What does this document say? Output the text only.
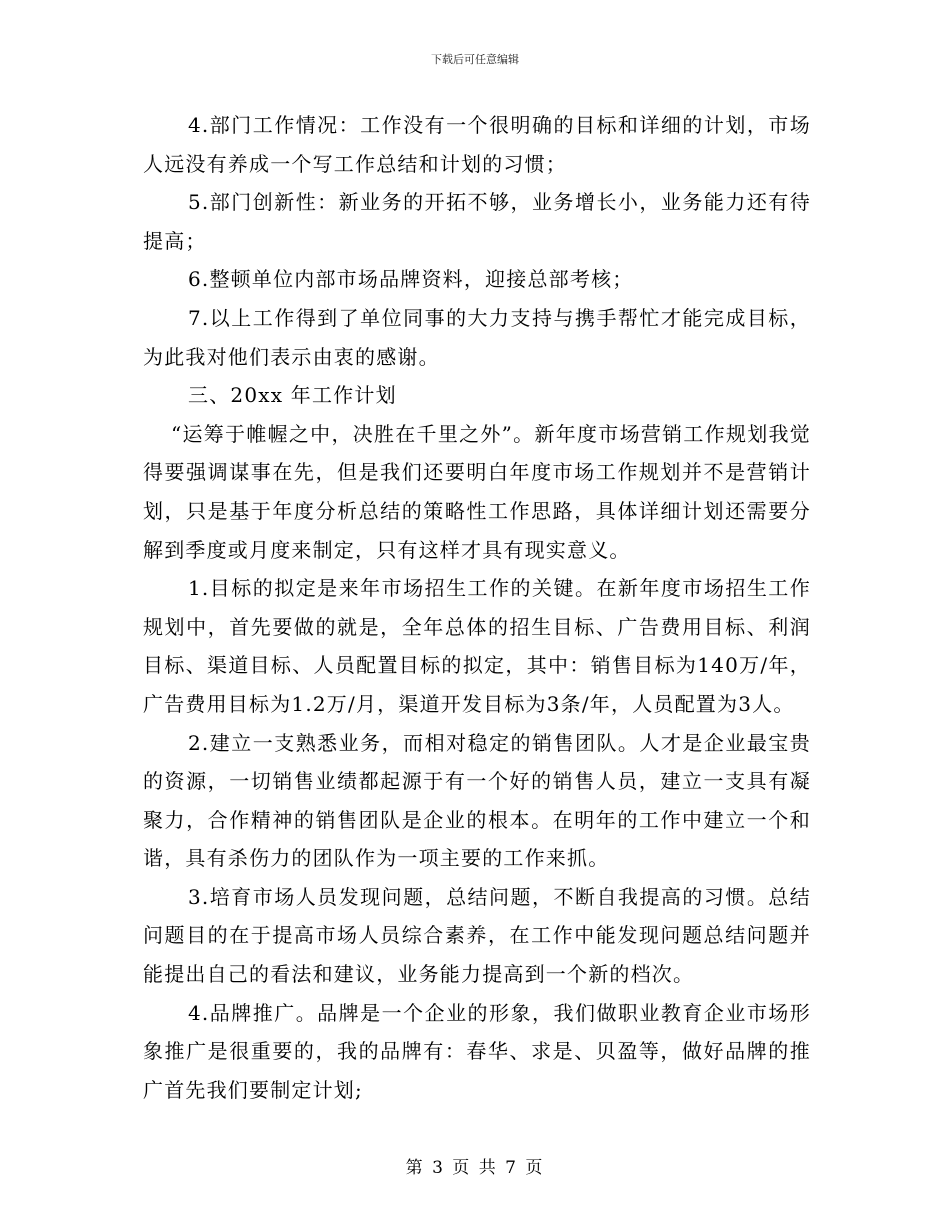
下载后可任意编辑

4.部门工作情况：工作没有一个很明确的目标和详细的计划，市场人远没有养成一个写工作总结和计划的习惯；

5.部门创新性：新业务的开拓不够，业务增长小，业务能力还有待提高；

6.整顿单位内部市场品牌资料，迎接总部考核；

7.以上工作得到了单位同事的大力支持与携手帮忙才能完成目标，为此我对他们表示由衷的感谢。

三、20xx 年工作计划

“运筹于帷幄之中，决胜在千里之外”。新年度市场营销工作规划我觉得要强调谋事在先，但是我们还要明白年度市场工作规划并不是营销计划，只是基于年度分析总结的策略性工作思路，具体详细计划还需要分解到季度或月度来制定，只有这样才具有现实意义。

1.目标的拟定是来年市场招生工作的关键。在新年度市场招生工作规划中，首先要做的就是，全年总体的招生目标、广告费用目标、利润目标、渠道目标、人员配置目标的拟定，其中：销售目标为140万/年，广告费用目标为1.2万/月，渠道开发目标为3条/年，人员配置为3人。

2.建立一支熟悉业务，而相对稳定的销售团队。人才是企业最宝贵的资源，一切销售业绩都起源于有一个好的销售人员，建立一支具有凝聚力，合作精神的销售团队是企业的根本。在明年的工作中建立一个和谐，具有杀伤力的团队作为一项主要的工作来抓。

3.培育市场人员发现问题，总结问题，不断自我提高的习惯。总结问题目的在于提高市场人员综合素养，在工作中能发现问题总结问题并能提出自己的看法和建议，业务能力提高到一个新的档次。

4.品牌推广。品牌是一个企业的形象，我们做职业教育企业市场形象推广是很重要的，我的品牌有：春华、求是、贝盈等，做好品牌的推广首先我们要制定计划;

第 3 页 共 7 页
